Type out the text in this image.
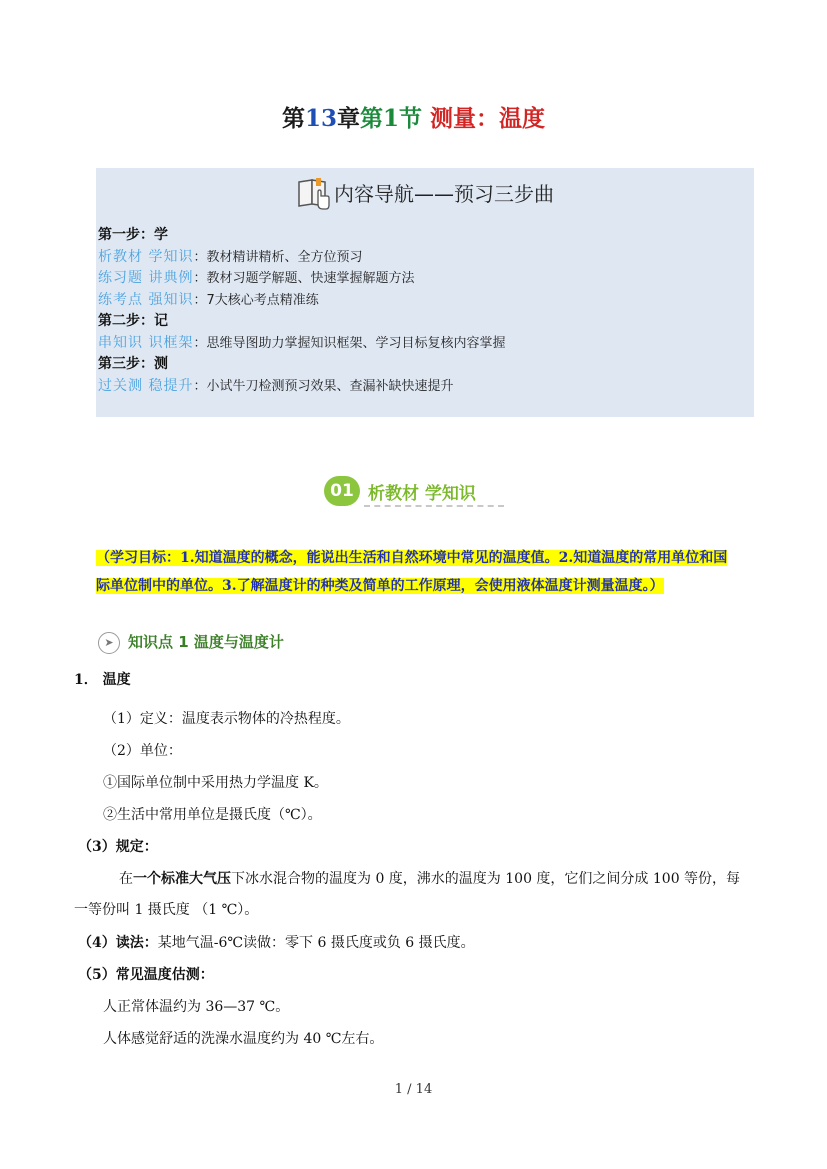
第13章第1节 测量：温度
内容导航——预习三步曲
第一步：学
析教材 学知识：教材精讲精析、全方位预习
练习题 讲典例：教材习题学解题、快速掌握解题方法
练考点 强知识：7大核心考点精准练
第二步：记
串知识 识框架：思维导图助力掌握知识框架、学习目标复核内容掌握
第三步：测
过关测 稳提升：小试牛刀检测预习效果、查漏补缺快速提升
01 析教材 学知识
（学习目标：1.知道温度的概念，能说出生活和自然环境中常见的温度值。2.知道温度的常用单位和国
际单位制中的单位。3.了解温度计的种类及简单的工作原理，会使用液体温度计测量温度。）
➤ 知识点 1 温度与温度计
1． 温度
（1）定义：温度表示物体的冷热程度。
（2）单位：
①国际单位制中采用热力学温度 K。
②生活中常用单位是摄氏度（℃）。
（3）规定：
在一个标准大气压下冰水混合物的温度为 0 度，沸水的温度为 100 度，它们之间分成 100 等份，每
一等份叫 1 摄氏度 （1 ℃）。
（4）读法：某地气温-6℃读做：零下 6 摄氏度或负 6 摄氏度。
（5）常见温度估测：
人正常体温约为 36—37 ℃。
人体感觉舒适的洗澡水温度约为 40 ℃左右。
1 / 14
